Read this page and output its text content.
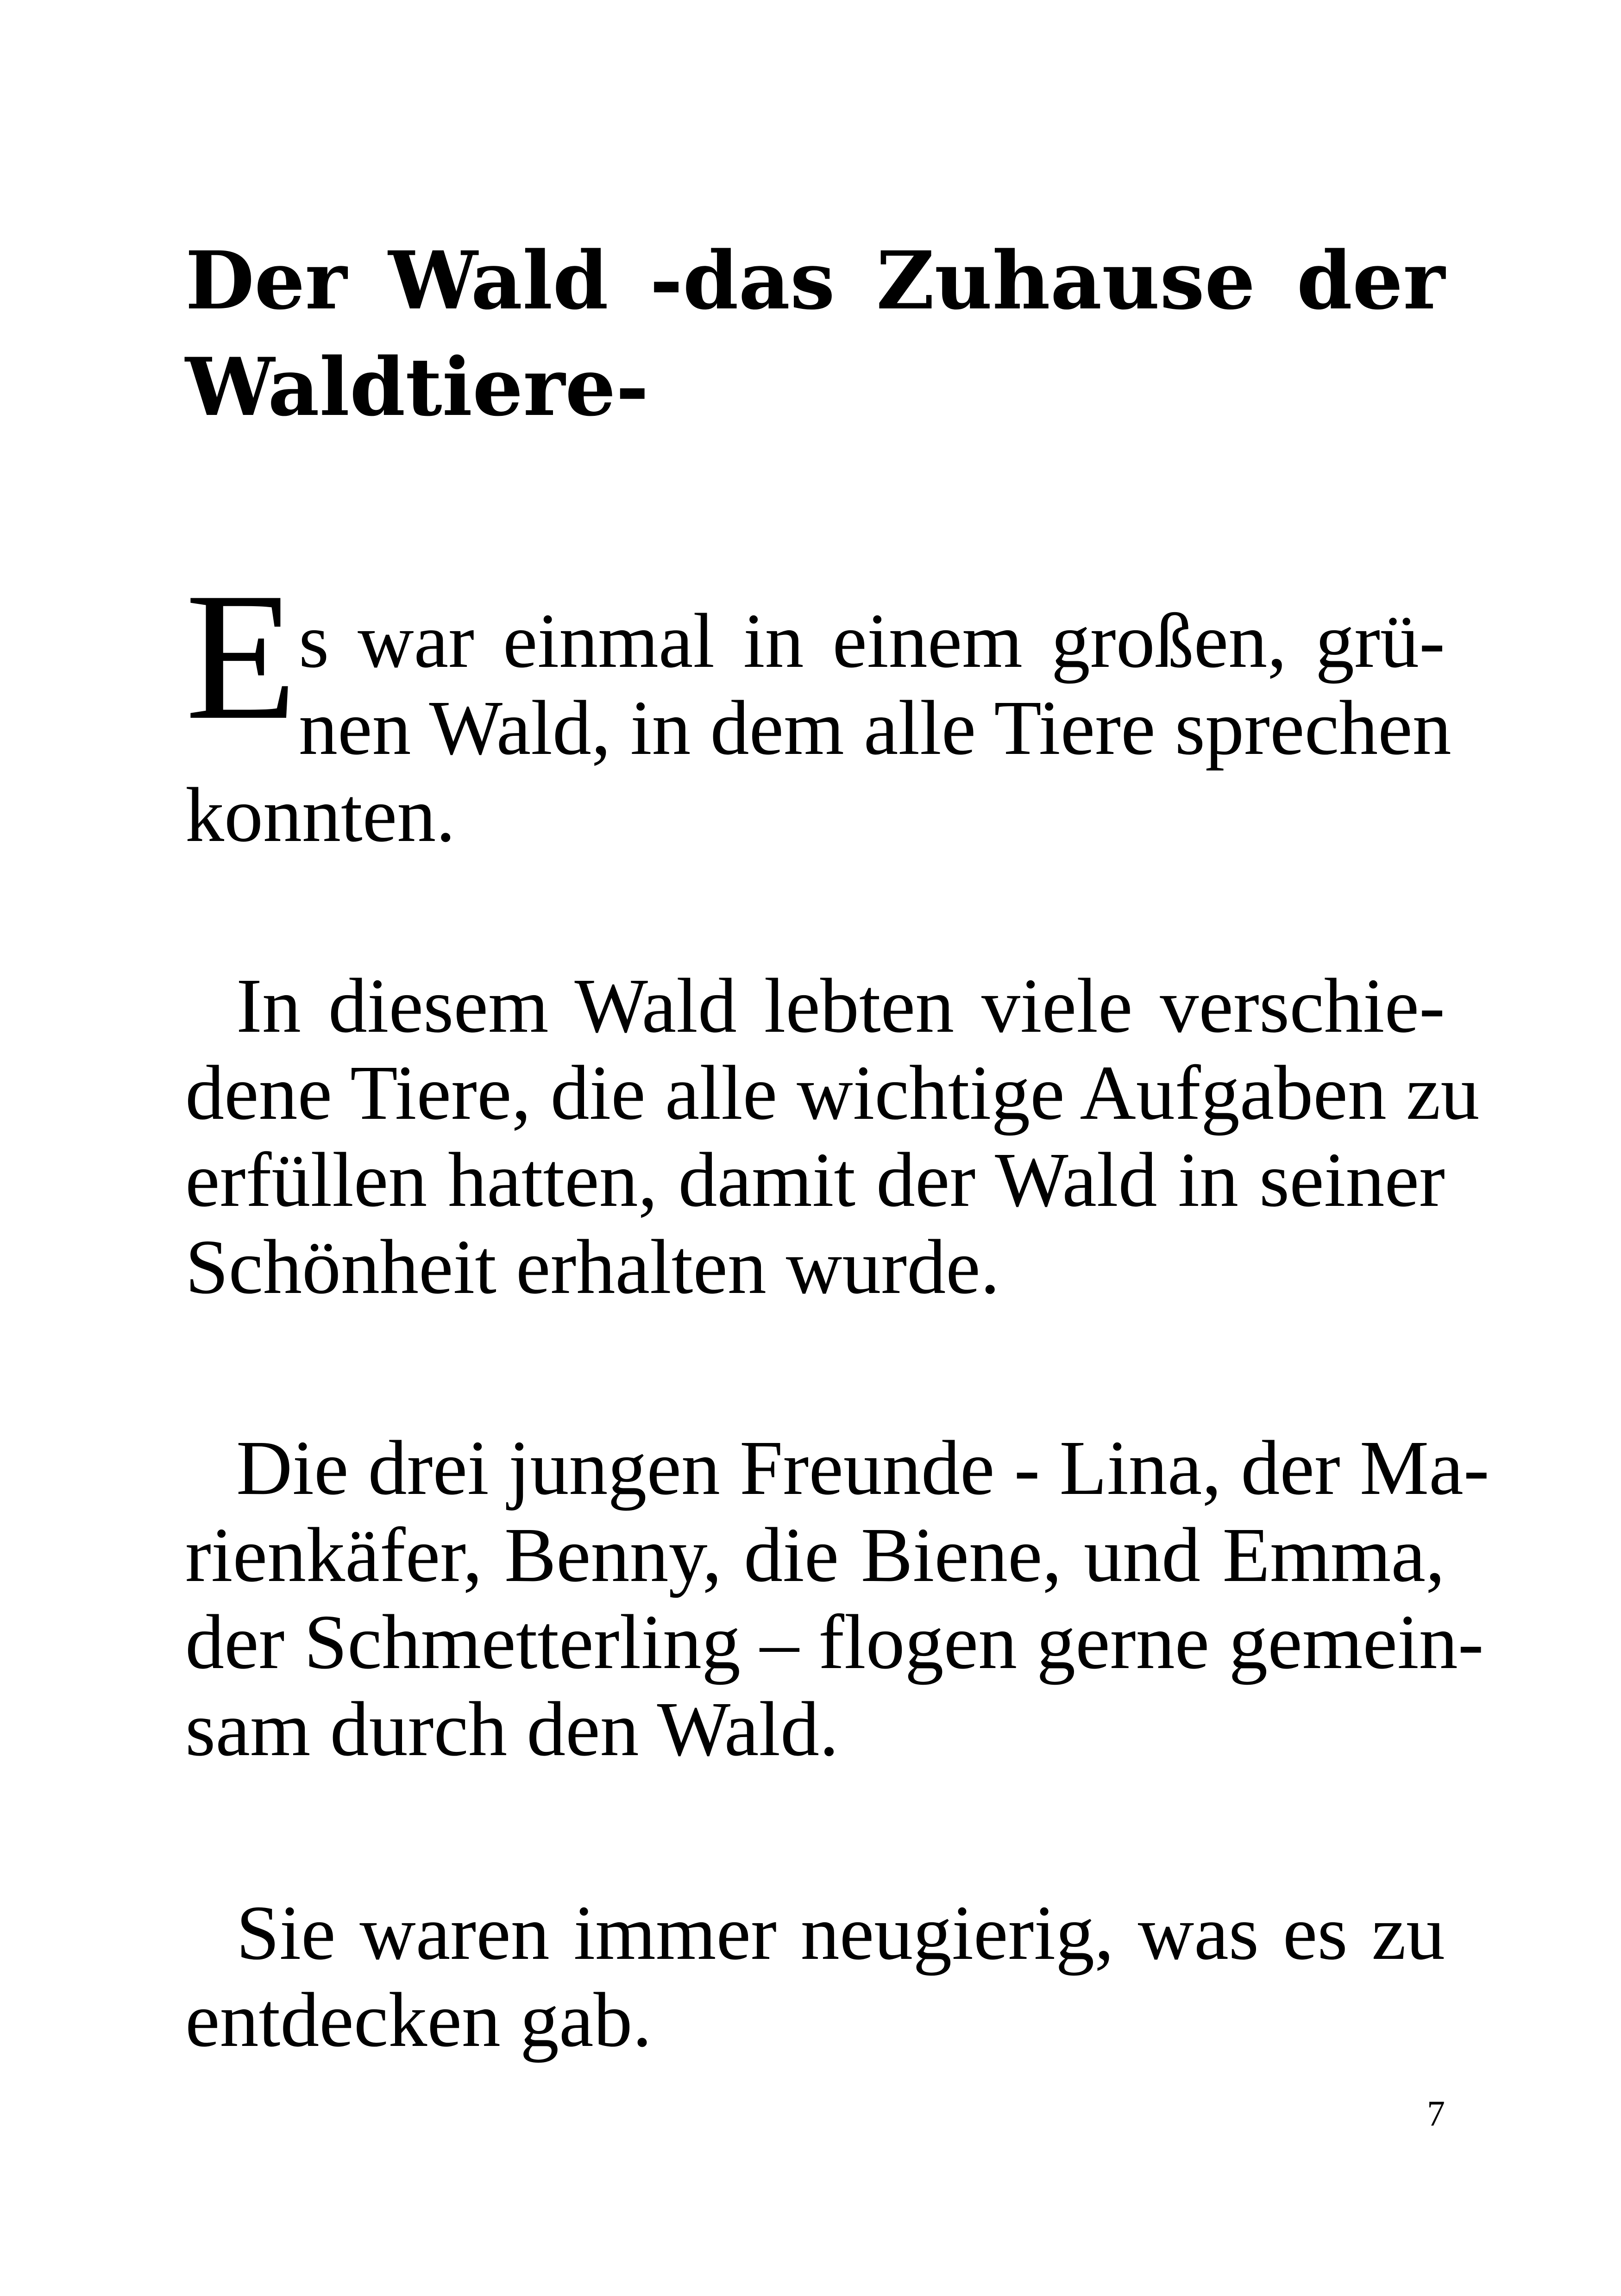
Der Wald -das Zuhause der
Waldtiere-
E s war einmal in einem großen, grü-
nen Wald, in dem alle Tiere sprechen
konnten.
In diesem Wald lebten viele verschie-
dene Tiere, die alle wichtige Aufgaben zu
erfüllen hatten, damit der Wald in seiner
Schönheit erhalten wurde.
Die drei jungen Freunde - Lina, der Ma-
rienkäfer, Benny, die Biene, und Emma,
der Schmetterling – flogen gerne gemein-
sam durch den Wald.
Sie waren immer neugierig, was es zu
entdecken gab.
7
